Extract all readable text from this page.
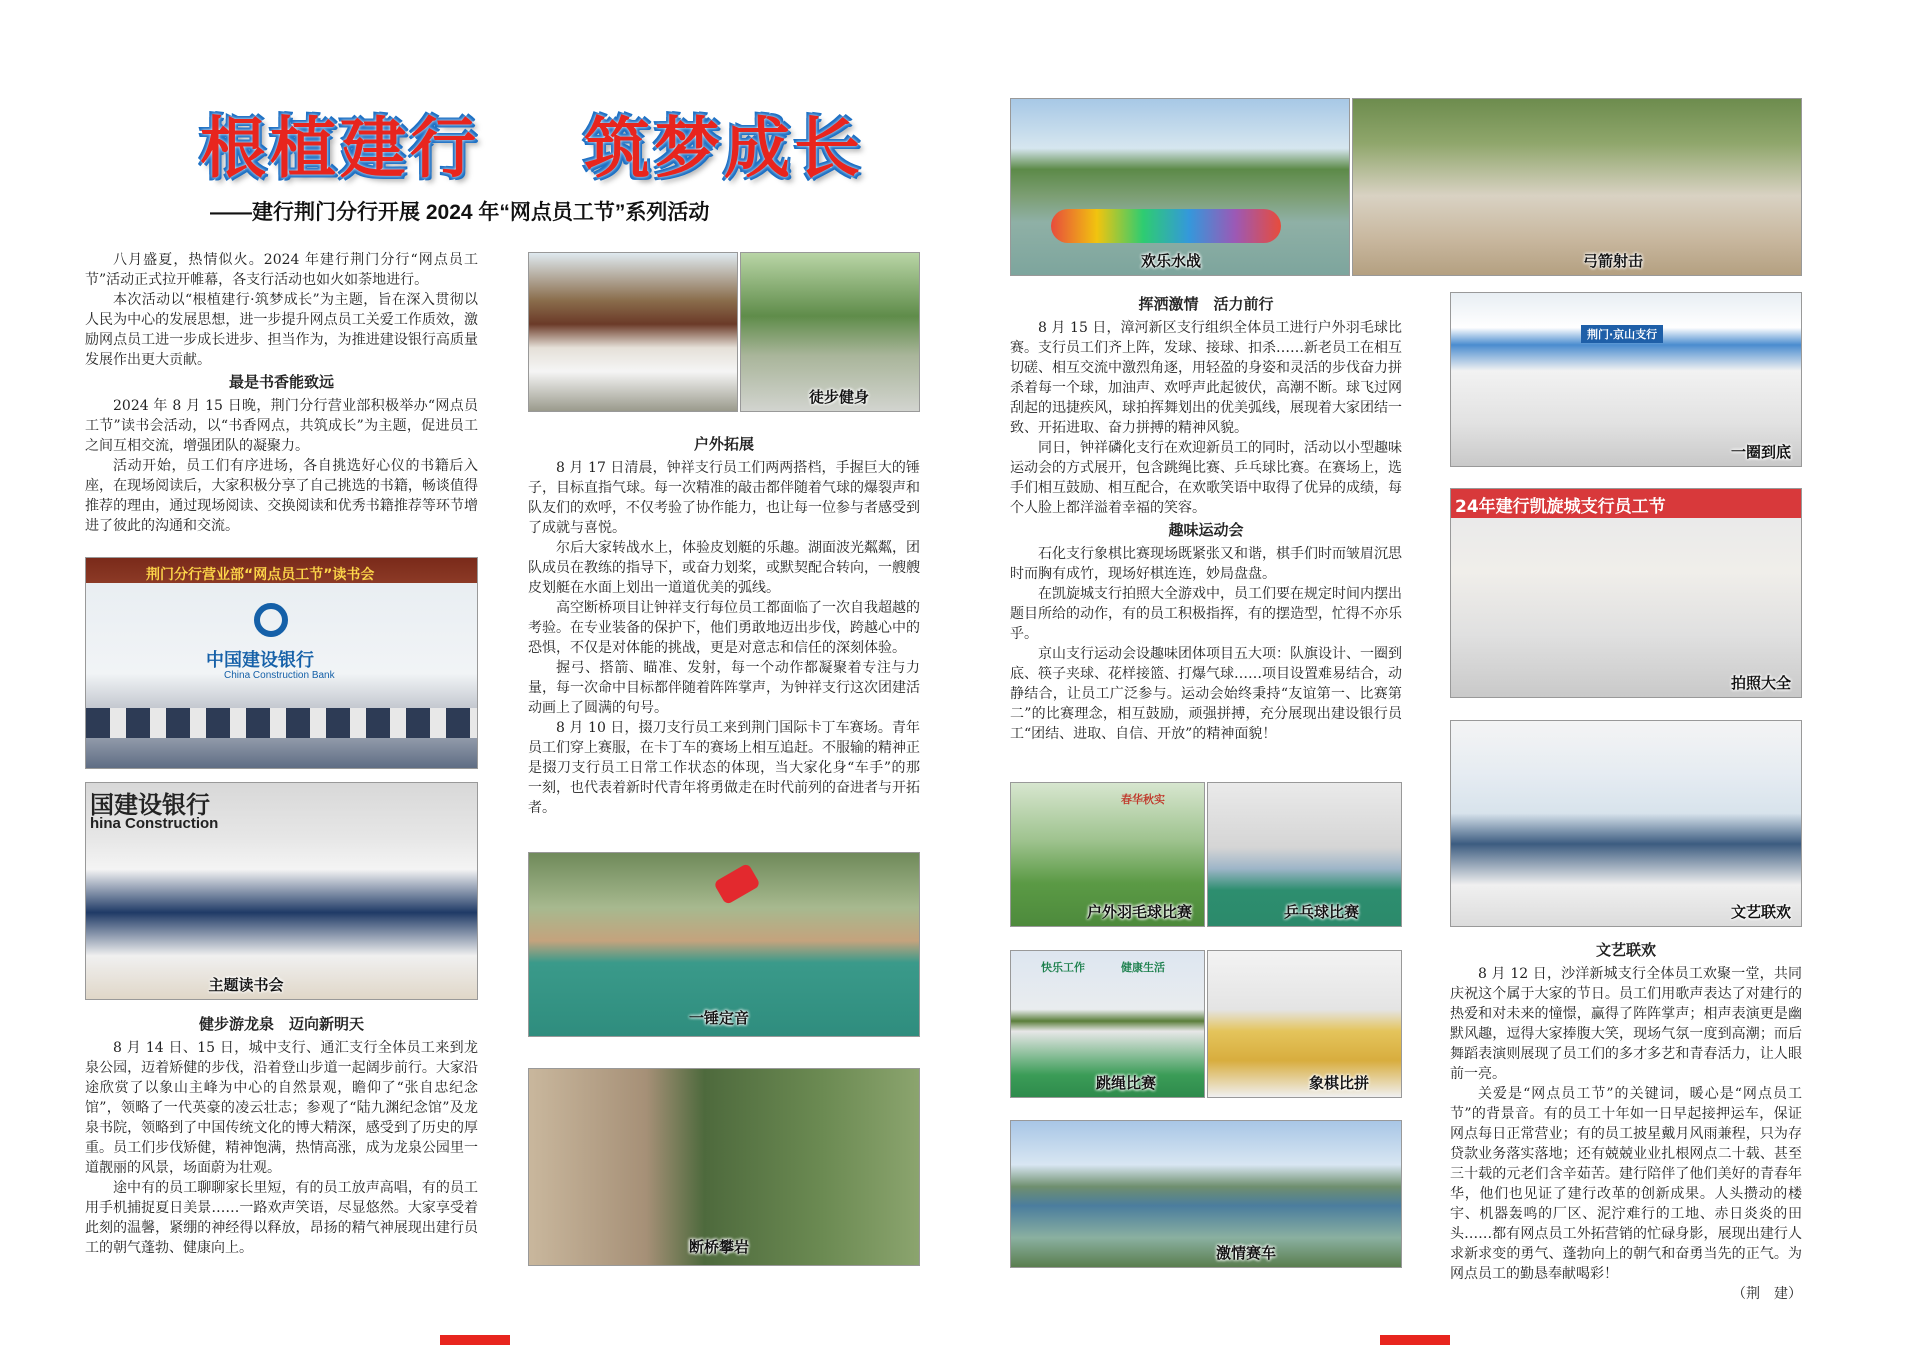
根植建行 筑梦成长
——建行荆门分行开展 2024 年“网点员工节”系列活动

八月盛夏，热情似火。2024 年建行荆门分行“网点员工节”活动正式拉开帷幕，各支行活动也如火如荼地进行。

本次活动以“根植建行·筑梦成长”为主题，旨在深入贯彻以人民为中心的发展思想，进一步提升网点员工关爱工作质效，激励网点员工进一步成长进步、担当作为，为推进建设银行高质量发展作出更大贡献。

最是书香能致远

2024 年 8 月 15 日晚，荆门分行营业部积极举办“网点员工节”读书会活动，以“书香网点，共筑成长”为主题，促进员工之间互相交流，增强团队的凝聚力。

活动开始，员工们有序进场，各自挑选好心仪的书籍后入座，在现场阅读后，大家积极分享了自己挑选的书籍，畅谈值得推荐的理由，通过现场阅读、交换阅读和优秀书籍推荐等环节增进了彼此的沟通和交流。

荆门分行营业部“网点员工节”读书会
中国建设银行
China Construction Bank
国建设银行
hina Construction
主题读书会
健步游龙泉　迈向新明天

8 月 14 日、15 日，城中支行、通汇支行全体员工来到龙泉公园，迈着矫健的步伐，沿着登山步道一起阔步前行。大家沿途欣赏了以象山主峰为中心的自然景观，瞻仰了“张自忠纪念馆”，领略了一代英豪的凌云壮志；参观了“陆九渊纪念馆”及龙泉书院，领略到了中国传统文化的博大精深，感受到了历史的厚重。员工们步伐矫健，精神饱满，热情高涨，成为龙泉公园里一道靓丽的风景，场面蔚为壮观。

途中有的员工聊聊家长里短，有的员工放声高唱，有的员工用手机捕捉夏日美景……一路欢声笑语，尽显悠然。大家享受着此刻的温馨，紧绷的神经得以释放，昂扬的精气神展现出建行员工的朝气蓬勃、健康向上。

徒步健身
户外拓展

8 月 17 日清晨，钟祥支行员工们两两搭档，手握巨大的锤子，目标直指气球。每一次精准的敲击都伴随着气球的爆裂声和队友们的欢呼，不仅考验了协作能力，也让每一位参与者感受到了成就与喜悦。

尔后大家转战水上，体验皮划艇的乐趣。湖面波光粼粼，团队成员在教练的指导下，或奋力划桨，或默契配合转向，一艘艘皮划艇在水面上划出一道道优美的弧线。

高空断桥项目让钟祥支行每位员工都面临了一次自我超越的考验。在专业装备的保护下，他们勇敢地迈出步伐，跨越心中的恐惧，不仅是对体能的挑战，更是对意志和信任的深刻体验。

握弓、搭箭、瞄准、发射，每一个动作都凝聚着专注与力量，每一次命中目标都伴随着阵阵掌声，为钟祥支行这次团建活动画上了圆满的句号。

8 月 10 日，掇刀支行员工来到荆门国际卡丁车赛场。青年员工们穿上赛服，在卡丁车的赛场上相互追赶。不服输的精神正是掇刀支行员工日常工作状态的体现，当大家化身“车手”的那一刻，也代表着新时代青年将勇做走在时代前列的奋进者与开拓者。

一锤定音
断桥攀岩
欢乐水战	弓箭射击
挥洒激情　活力前行

8 月 15 日，漳河新区支行组织全体员工进行户外羽毛球比赛。支行员工们齐上阵，发球、接球、扣杀……新老员工在相互切磋、相互交流中激烈角逐，用轻盈的身姿和灵活的步伐奋力拼杀着每一个球，加油声、欢呼声此起彼伏，高潮不断。球飞过网刮起的迅捷疾风，球拍挥舞划出的优美弧线，展现着大家团结一致、开拓进取、奋力拼搏的精神风貌。

同日，钟祥磷化支行在欢迎新员工的同时，活动以小型趣味运动会的方式展开，包含跳绳比赛、乒乓球比赛。在赛场上，选手们相互鼓励、相互配合，在欢歌笑语中取得了优异的成绩，每个人脸上都洋溢着幸福的笑容。

趣味运动会

石化支行象棋比赛现场既紧张又和谐，棋手们时而皱眉沉思时而胸有成竹，现场好棋连连，妙局盘盘。

在凯旋城支行拍照大全游戏中，员工们要在规定时间内摆出题目所给的动作，有的员工积极指挥，有的摆造型，忙得不亦乐乎。

京山支行运动会设趣味团体项目五大项：队旗设计、一圈到底、筷子夹球、花样接篮、打爆气球……项目设置难易结合，动静结合，让员工广泛参与。运动会始终秉持“友谊第一、比赛第二”的比赛理念，相互鼓励，顽强拼搏，充分展现出建设银行员工“团结、进取、自信、开放”的精神面貌！

春华秋实
户外羽毛球比赛	乒乓球比赛
快乐工作	健康生活
跳绳比赛	象棋比拼
激情赛车
荆门·京山支行
一圈到底
24年建行凯旋城支行员工节
拍照大全
文艺联欢
文艺联欢

8 月 12 日，沙洋新城支行全体员工欢聚一堂，共同庆祝这个属于大家的节日。员工们用歌声表达了对建行的热爱和对未来的憧憬，赢得了阵阵掌声；相声表演更是幽默风趣，逗得大家捧腹大笑，现场气氛一度到高潮；而后舞蹈表演则展现了员工们的多才多艺和青春活力，让人眼前一亮。

关爱是“网点员工节”的关键词，暖心是“网点员工节”的背景音。有的员工十年如一日早起接押运车，保证网点每日正常营业；有的员工披星戴月风雨兼程，只为存贷款业务落实落地；还有兢兢业业扎根网点二十载、甚至三十载的元老们含辛茹苦。建行陪伴了他们美好的青春年华，他们也见证了建行改革的创新成果。人头攒动的楼宇、机器轰鸣的厂区、泥泞难行的工地、赤日炎炎的田头……都有网点员工外拓营销的忙碌身影，展现出建行人求新求变的勇气、蓬勃向上的朝气和奋勇当先的正气。为网点员工的勤恳奉献喝彩！

（荆　建）
